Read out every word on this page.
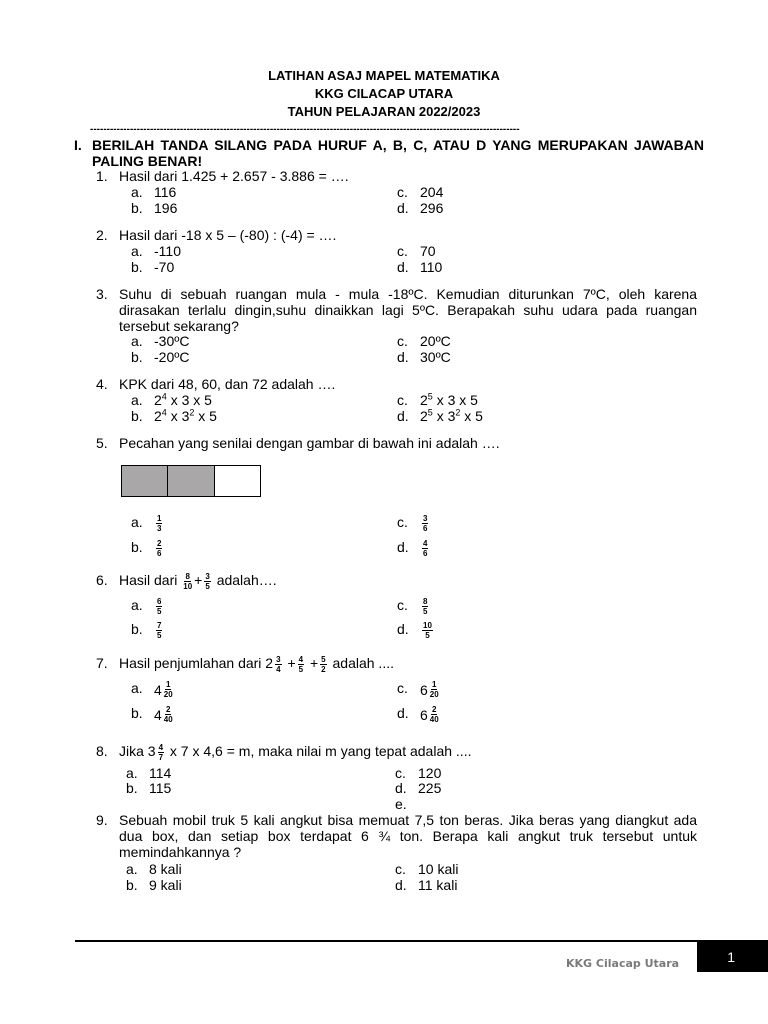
LATIHAN ASAJ MAPEL MATEMATIKA
KKG CILACAP UTARA
TAHUN PELAJARAN 2022/2023
---------------------------------------------------------------------------------------------------------------------------------
I. BERILAH TANDA SILANG PADA HURUF A, B, C, ATAU D YANG MERUPAKAN JAWABAN PALING BENAR!
1. Hasil dari 1.425 + 2.657 - 3.886 = ….
a. 116
b. 196
c. 204
d. 296
2. Hasil dari -18 x 5 – (-80) : (-4) = ….
a. -110
b. -70
c. 70
d. 110
3. Suhu di sebuah ruangan mula - mula -18ºC. Kemudian diturunkan 7ºC, oleh karena dirasakan terlalu dingin,suhu dinaikkan lagi 5ºC. Berapakah suhu udara pada ruangan tersebut sekarang?
a. -30ºC
b. -20ºC
c. 20ºC
d. 30ºC
4. KPK dari 48, 60, dan 72 adalah ….
a. $2^4$ x 3 x 5
b. $2^4$ x $3^2$ x 5
c. $2^5$ x 3 x 5
d. $2^5$ x $3^2$ x 5
5. Pecahan yang senilai dengan gambar di bawah ini adalah ….
a. $\frac{1}{3}$
b. $\frac{2}{6}$
c. $\frac{3}{6}$
d. $\frac{4}{6}$
6. Hasil dari $\frac{8}{10} + \frac{3}{5}$ adalah….
a. $\frac{6}{5}$
b. $\frac{7}{5}$
c. $\frac{8}{5}$
d. $\frac{10}{5}$
7. Hasil penjumlahan dari $2 \frac{3}{4} + \frac{4}{5} + \frac{5}{2}$ adalah ....
a. 4 1
20
b. 4 2
40
c. 6 1
20
d. 6 2
40
8. Jika $3 \frac{4}{7}$ x 7 x 4,6 = m, maka nilai m yang tepat adalah ....
a. 114
b. 115
c. 120
d. 225
e.
9. Sebuah mobil truk 5 kali angkut bisa memuat 7,5 ton beras. Jika beras yang diangkut ada dua box, dan setiap box terdapat 6 ¾ ton. Berapa kali angkut truk tersebut untuk memindahkannya ?
a. 8 kali
b. 9 kali
c. 10 kali
d. 11 kali
KKG Cilacap Utara	1
